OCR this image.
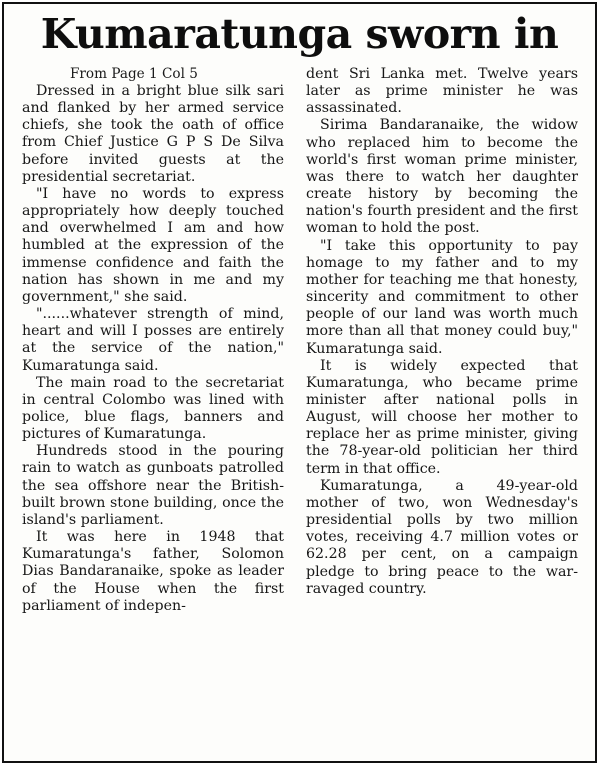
Kumaratunga sworn in
From Page 1 Col 5

Dressed in a bright blue silk sari and flanked by her armed service chiefs, she took the oath of office from Chief Justice G P S De Silva before invited guests at the presidential secretariat.

"I have no words to express appropriately how deeply touched and overwhelmed I am and how humbled at the expression of the immense confidence and faith the nation has shown in me and my government," she said.

"......whatever strength of mind, heart and will I posses are entirely at the service of the nation," Kumaratunga said.

The main road to the secretariat in central Colombo was lined with police, blue flags, banners and pictures of Kumaratunga.

Hundreds stood in the pouring rain to watch as gunboats patrolled the sea offshore near the British-built brown stone building, once the island's parliament.

It was here in 1948 that Kumaratunga's father, Solomon Dias Bandaranaike, spoke as leader of the House when the first parliament of indepen-

dent Sri Lanka met. Twelve years later as prime minister he was assassinated.

Sirima Bandaranaike, the widow who replaced him to become the world's first woman prime minister, was there to watch her daughter create history by becoming the nation's fourth president and the first woman to hold the post.

"I take this opportunity to pay homage to my father and to my mother for teaching me that honesty, sincerity and commitment to other people of our land was worth much more than all that money could buy," Kumaratunga said.

It is widely expected that Kumaratunga, who became prime minister after national polls in August, will choose her mother to replace her as prime minister, giving the 78-year-old politician her third term in that office.

Kumaratunga, a 49-year-old mother of two, won Wednesday's presidential polls by two million votes, receiving 4.7 million votes or 62.28 per cent, on a campaign pledge to bring peace to the war-ravaged country.
